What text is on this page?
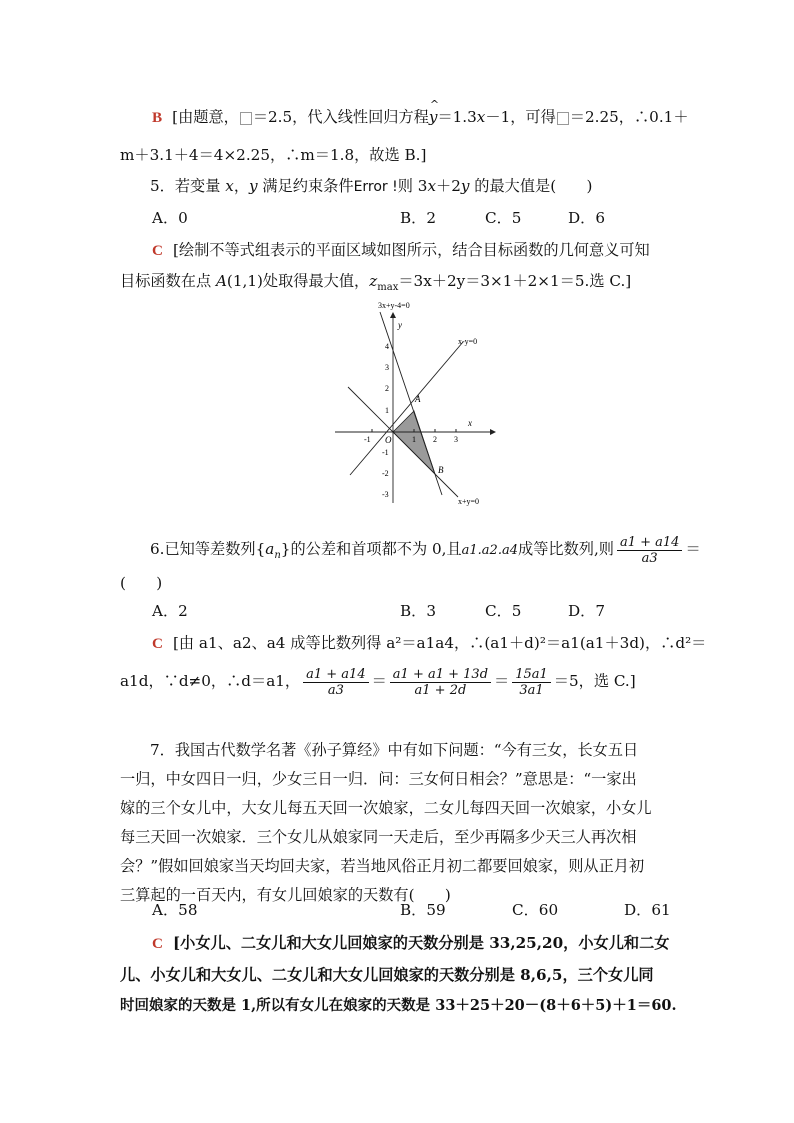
B [由题意， ＝2.5，代入线性回归方程^ y＝1.3x－1，可得 ＝2.25，∴0.1＋
m＋3.1＋4＝4×2.25，∴m＝1.8，故选 B.]
5．若变量 x，y 满足约束条件Error !则 3x＋2y 的最大值是(　　)
A．0	B．2	C．5	D．6
C [绘制不等式组表示的平面区域如图所示，结合目标函数的几何意义可知
目标函数在点 A(1,1)处取得最大值，$z_{max}=3x+2y=3\times 1+2\times 1=5$.选 C.]
3x+y-4=0
x-y=0
x+y=0
y
x
O
A
B
-1	1 2 3
4
3
2
1
-1
-2
-3
6.已知等差数列$\{a_n\}$的公差和首项都不为 0,且a1.a2.a4成等比数列,则 $\frac{a1 + a14}{a3}$ ＝
(　　)
A．2	B．3	C．5	D．7
C [由 a1、a2、a4 成等比数列得 a²＝a1a4，∴(a1＋d)²＝a1(a1＋3d)，∴d²＝
a1d，∵d≠0，∴d＝a1， $\frac{a1 + a14}{a3} = \frac{a1 + a1 + 13d}{a1 + 2d} = \frac{15a1}{3a1} =5$，选 C.]
7．我国古代数学名著《孙子算经》中有如下问题：“今有三女，长女五日
一归，中女四日一归，少女三日一归．问：三女何日相会？”意思是：“一家出
嫁的三个女儿中，大女儿每五天回一次娘家，二女儿每四天回一次娘家，小女儿
每三天回一次娘家．三个女儿从娘家同一天走后，至少再隔多少天三人再次相
会？”假如回娘家当天均回夫家，若当地风俗正月初二都要回娘家，则从正月初
三算起的一百天内，有女儿回娘家的天数有(　　)
A．58	B．59	C．60	D．61
C [小女儿、二女儿和大女儿回娘家的天数分别是 33,25,20，小女儿和二女
儿、小女儿和大女儿、二女儿和大女儿回娘家的天数分别是 8,6,5，三个女儿同
时回娘家的天数是 1,所以有女儿在娘家的天数是 33＋25＋20－(8＋6＋5)＋1＝60.
